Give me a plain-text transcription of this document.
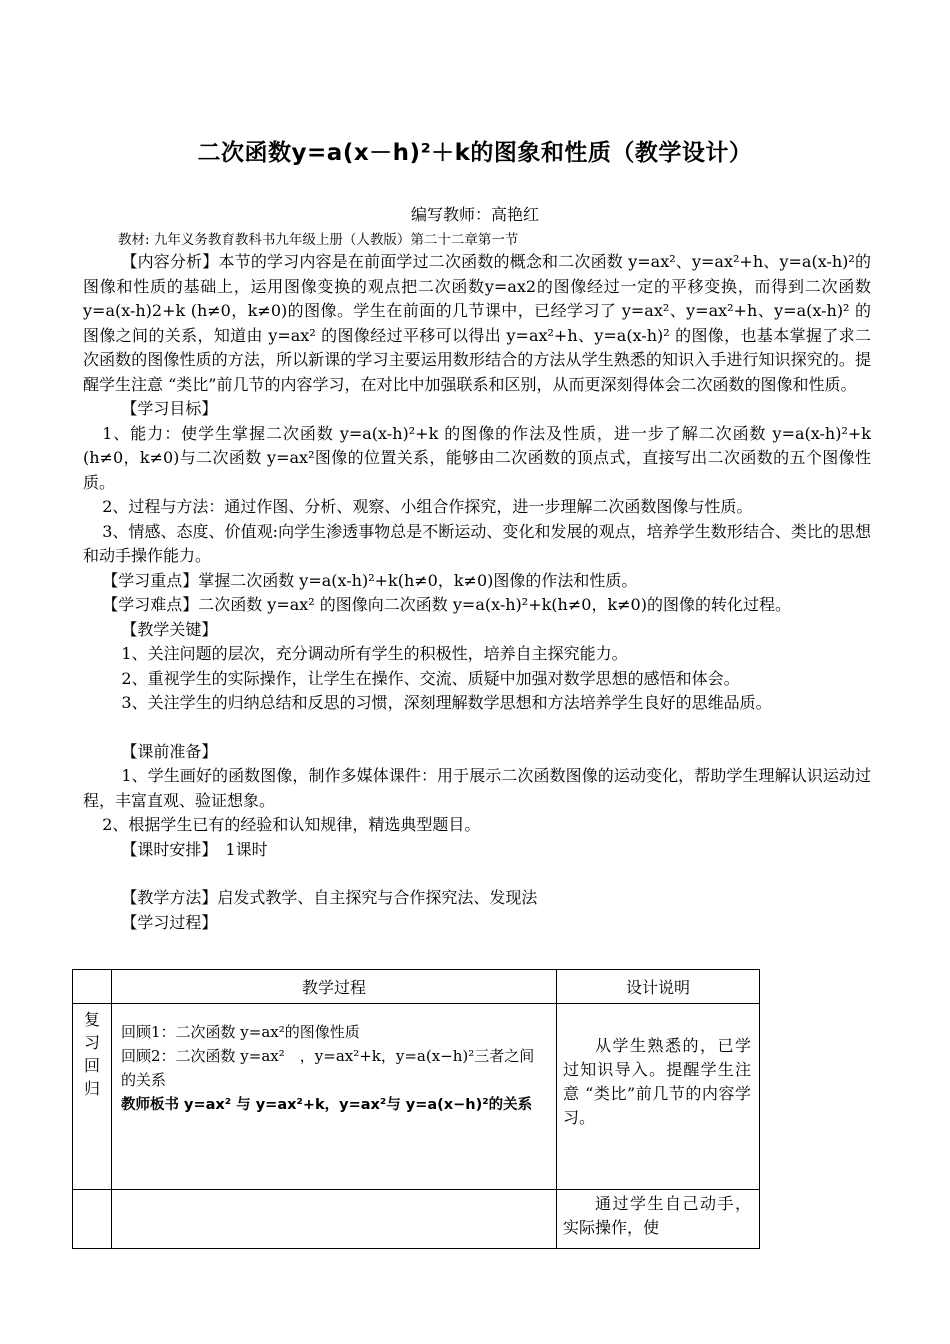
二次函数y=a(x－h)²＋k的图象和性质（教学设计）
编写教师：高艳红
教材: 九年义务教育教科书九年级上册（人教版）第二十二章第一节

【内容分析】本节的学习内容是在前面学过二次函数的概念和二次函数 y=ax²、y=ax²+h、y=a(x-h)²的图像和性质的基础上，运用图像变换的观点把二次函数y=ax2的图像经过一定的平移变换，而得到二次函数 y=a(x-h)2+k (h≠0，k≠0)的图像。学生在前面的几节课中，已经学习了 y=ax²、y=ax²+h、y=a(x-h)² 的图像之间的关系，知道由 y=ax² 的图像经过平移可以得出 y=ax²+h、y=a(x-h)² 的图像，也基本掌握了求二次函数的图像性质的方法，所以新课的学习主要运用数形结合的方法从学生熟悉的知识入手进行知识探究的。提醒学生注意 “类比”前几节的内容学习，在对比中加强联系和区别，从而更深刻得体会二次函数的图像和性质。

【学习目标】

1、能力：使学生掌握二次函数 y=a(x-h)²+k 的图像的作法及性质，进一步了解二次函数 y=a(x-h)²+k (h≠0，k≠0)与二次函数 y=ax²图像的位置关系，能够由二次函数的顶点式，直接写出二次函数的五个图像性质。

2、过程与方法：通过作图、分析、观察、小组合作探究，进一步理解二次函数图像与性质。

3、情感、态度、价值观:向学生渗透事物总是不断运动、变化和发展的观点，培养学生数形结合、类比的思想和动手操作能力。

【学习重点】掌握二次函数 y=a(x-h)²+k(h≠0，k≠0)图像的作法和性质。

【学习难点】二次函数 y=ax² 的图像向二次函数 y=a(x-h)²+k(h≠0，k≠0)的图像的转化过程。

【教学关键】

1、关注问题的层次，充分调动所有学生的积极性，培养自主探究能力。

2、重视学生的实际操作，让学生在操作、交流、质疑中加强对数学思想的感悟和体会。

3、关注学生的归纳总结和反思的习惯，深刻理解数学思想和方法培养学生良好的思维品质。

【课前准备】

1、学生画好的函数图像，制作多媒体课件：用于展示二次函数图像的运动变化，帮助学生理解认识运动过程，丰富直观、验证想象。

2、根据学生已有的经验和认知规律，精选典型题目。

【课时安排】　1课时

【教学方法】启发式教学、自主探究与合作探究法、发现法

【学习过程】

	教学过程	设计说明

复习回归	回顾1：二次函数 y=ax²的图像性质
回顾2：二次函数 y=ax²　，y=ax²+k，y=a(x−h)²三者之间的关系
教师板书 y=ax² 与 y=ax²+k，y=ax²与 y=a(x−h)²的关系	从学生熟悉的，已学过知识导入。提醒学生注意 “类比”前几节的内容学习。

		通过学生自己动手，实际操作，使
